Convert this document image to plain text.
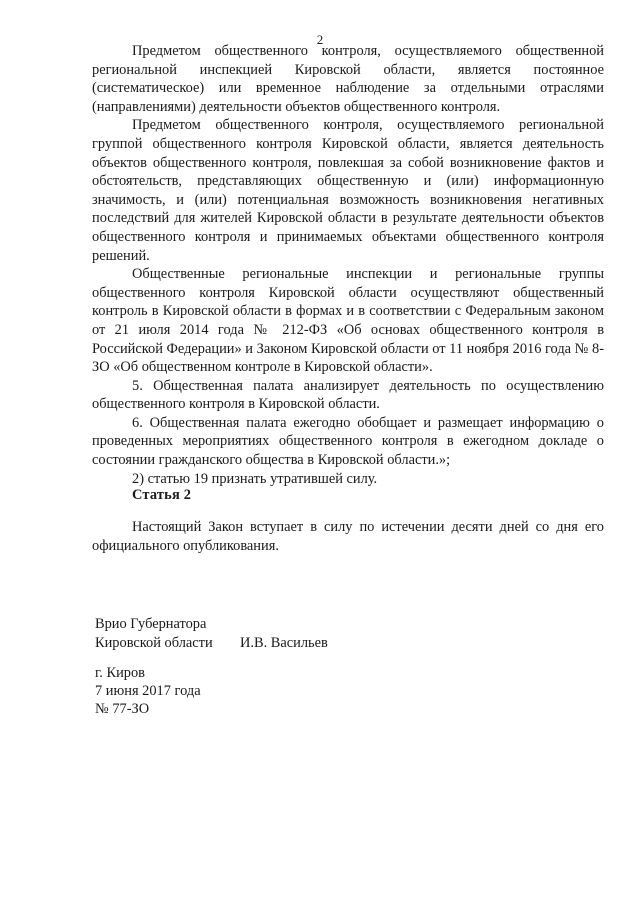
2

Предметом общественного контроля, осуществляемого общественной региональной инспекцией Кировской области, является постоянное (систематическое) или временное наблюдение за отдельными отраслями (направлениями) деятельности объектов общественного контроля.

Предметом общественного контроля, осуществляемого региональной группой общественного контроля Кировской области, является деятельность объектов общественного контроля, повлекшая за собой возникновение фактов и обстоятельств, представляющих общественную и (или) информационную значимость, и (или) потенциальная возможность возникновения негативных последствий для жителей Кировской области в результате деятельности объектов общественного контроля и принимаемых объектами общественного контроля решений.

Общественные региональные инспекции и региональные группы общественного контроля Кировской области осуществляют общественный контроль в Кировской области в формах и в соответствии с Федеральным законом от 21 июля 2014 года № 212-ФЗ «Об основах общественного контроля в Российской Федерации» и Законом Кировской области от 11 ноября 2016 года № 8-ЗО «Об общественном контроле в Кировской области».

5. Общественная палата анализирует деятельность по осуществлению общественного контроля в Кировской области.

6. Общественная палата ежегодно обобщает и размещает информацию о проведенных мероприятиях общественного контроля в ежегодном докладе о состоянии гражданского общества в Кировской области.»;

2) статью 19 признать утратившей силу.

Статья 2

Настоящий Закон вступает в силу по истечении десяти дней со дня его официального опубликования.

Врио Губернатора
Кировской области	И.В. Васильев
г. Киров
7 июня 2017 года
№ 77-ЗО
